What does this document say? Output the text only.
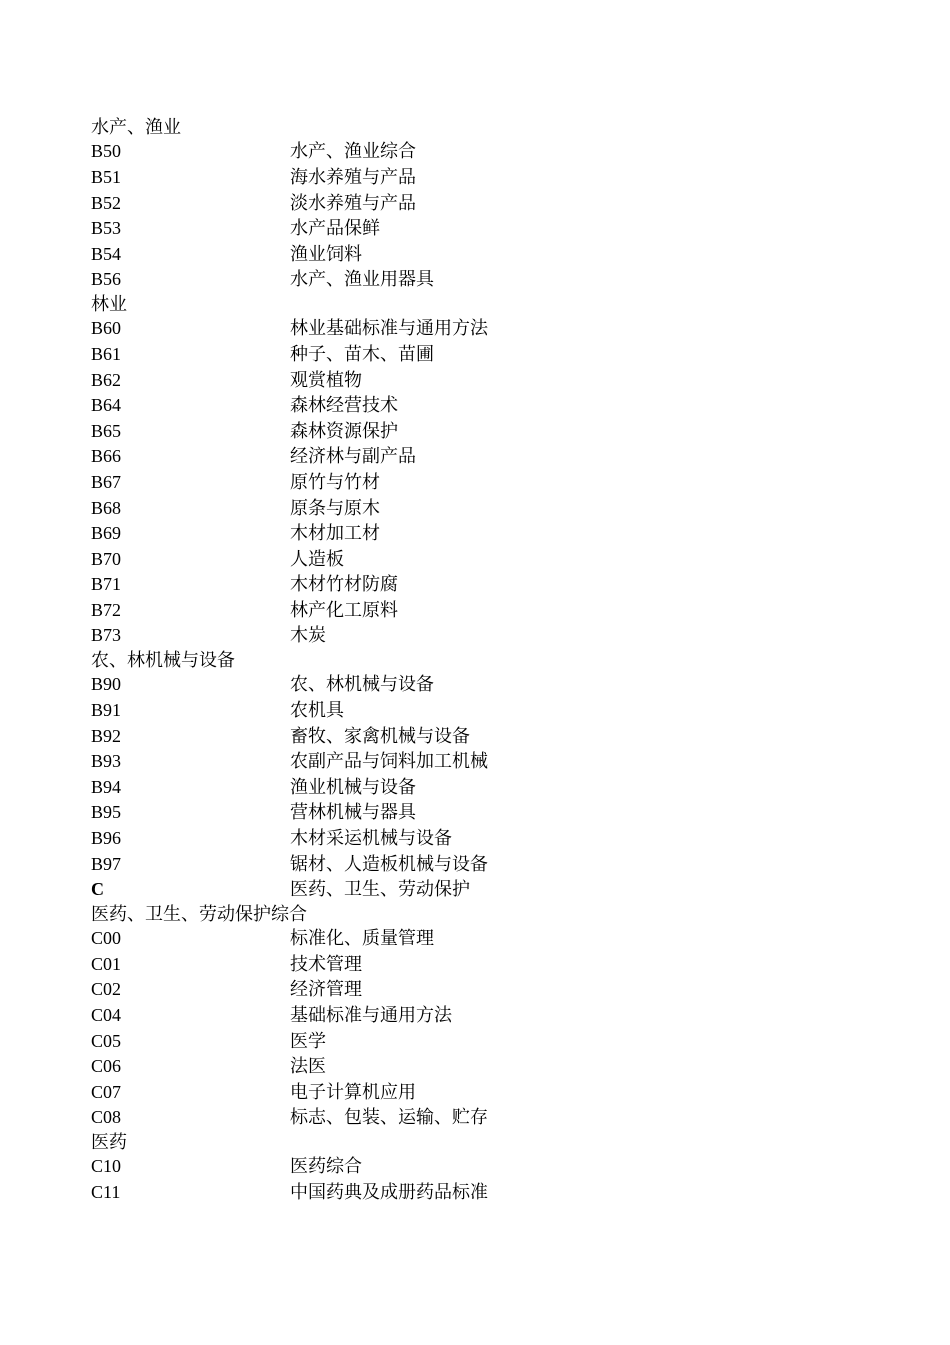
水产、渔业
B50	水产、渔业综合
B51	海水养殖与产品
B52	淡水养殖与产品
B53	水产品保鲜
B54	渔业饲料
B56	水产、渔业用器具
林业
B60	林业基础标准与通用方法
B61	种子、苗木、苗圃
B62	观赏植物
B64	森林经营技术
B65	森林资源保护
B66	经济林与副产品
B67	原竹与竹材
B68	原条与原木
B69	木材加工材
B70	人造板
B71	木材竹材防腐
B72	林产化工原料
B73	木炭
农、林机械与设备
B90	农、林机械与设备
B91	农机具
B92	畜牧、家禽机械与设备
B93	农副产品与饲料加工机械
B94	渔业机械与设备
B95	营林机械与器具
B96	木材采运机械与设备
B97	锯材、人造板机械与设备
C	医药、卫生、劳动保护
医药、卫生、劳动保护综合
C00	标准化、质量管理
C01	技术管理
C02	经济管理
C04	基础标准与通用方法
C05	医学
C06	法医
C07	电子计算机应用
C08	标志、包装、运输、贮存
医药
C10	医药综合
C11	中国药典及成册药品标准
